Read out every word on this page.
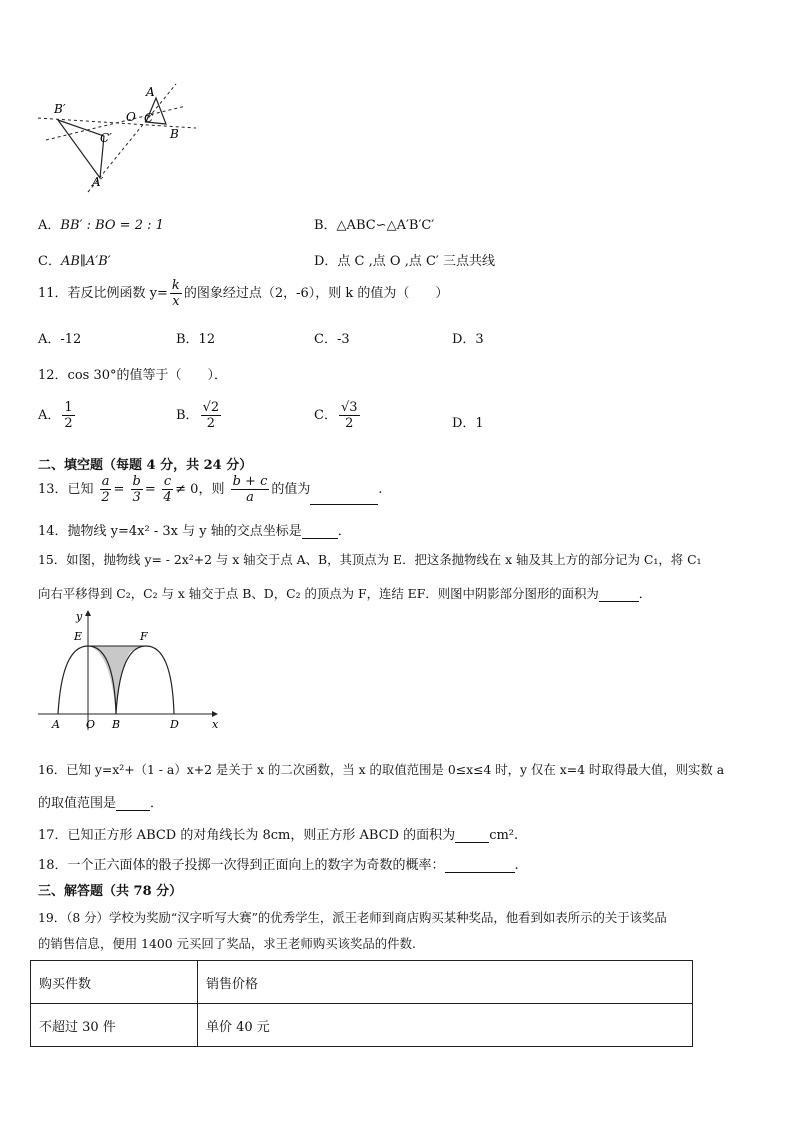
B′
O C
A
B
C′
A′
A．BB′ : BO = 2 : 1	B．△ABC∽△A′B′C′
C．AB∥A′B′	D．点 C ,点 O ,点 C′ 三点共线
11．若反比例函数 $y= \frac{k}{x}$ 的图象经过点（2，-6），则 k 的值为（　　）
A．-12	B．12	C．-3	D．3
12．cos 30°的值等于（　　）．
A． $\frac{1}{2}$	B． $\frac{√2}{2}$	C． $\frac{√3}{2}$	D．1
二、填空题（每题 4 分，共 24 分）
13．已知 $\frac{a}{2} = \frac{b}{3} = \frac{c}{4} \ne 0$，则 $\frac{b + c}{a}$ 的值为	.
14．抛物线 y=4x² - 3x 与 y 轴的交点坐标是	．
15．如图，抛物线 y= - 2x²+2 与 x 轴交于点 A、B，其顶点为 E．把这条抛物线在 x 轴及其上方的部分记为 C₁，将 C₁
向右平移得到 C₂，C₂ 与 x 轴交于点 B、D，C₂ 的顶点为 F，连结 EF．则图中阴影部分图形的面积为	．
y
E	F
A O B	D	x
16．已知 y=x²+（1 - a）x+2 是关于 x 的二次函数，当 x 的取值范围是 0≤x≤4 时，y 仅在 x=4 时取得最大值，则实数 a
的取值范围是	．
17．已知正方形 ABCD 的对角线长为 8cm，则正方形 ABCD 的面积为	cm².
18．一个正六面体的骰子投掷一次得到正面向上的数字为奇数的概率：	.
三、解答题（共 78 分）
19．（8 分）学校为奖励“汉字听写大赛”的优秀学生，派王老师到商店购买某种奖品，他看到如表所示的关于该奖品
的销售信息，便用 1400 元买回了奖品，求王老师购买该奖品的件数.
购买件数	销售价格
不超过 30 件	单价 40 元
